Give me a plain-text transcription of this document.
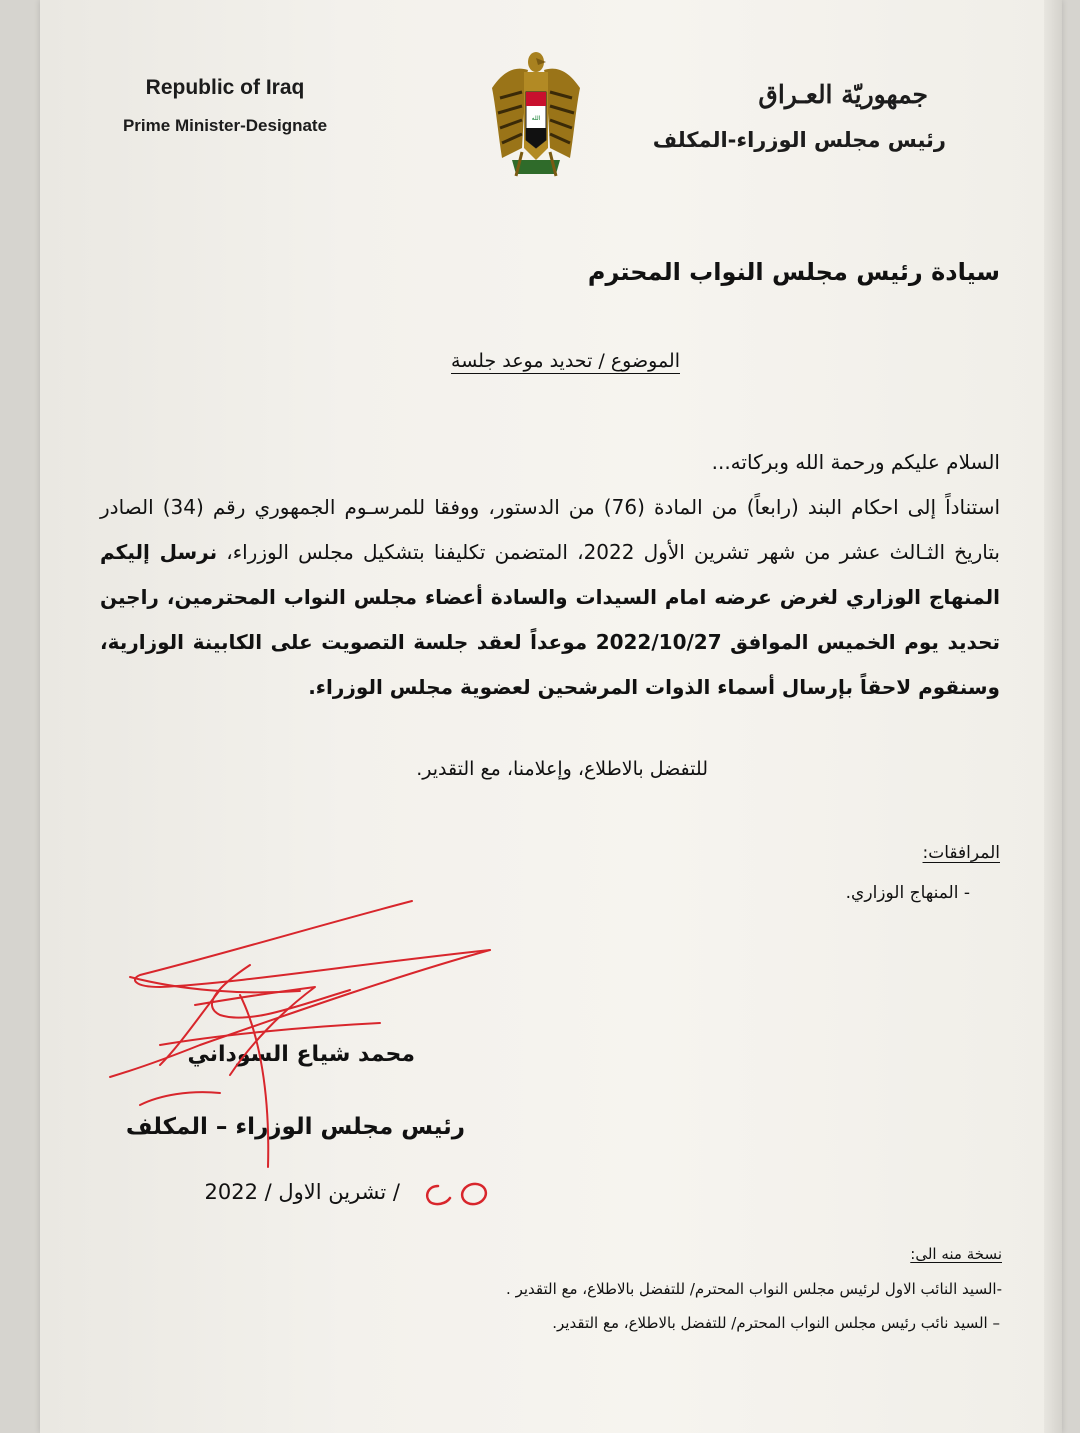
Republic of Iraq
Prime Minister-Designate	الله
جمهوريّة العـراق
رئيس مجلس الوزراء-المكلف
سيادة رئيس مجلس النواب المحترم
الموضوع / تحديد موعد جلسة
السلام عليكم ورحمة الله وبركاته...
استناداً إلى احكام البند (رابعاً) من المادة (76) من الدستور، ووفقا للمرسـوم الجمهوري رقم (34) الصادر بتاريخ الثـالث عشر من شهر تشرين الأول 2022، المتضمن تكليفنا بتشكيل مجلس الوزراء، نرسل إليكم المنهاج الوزاري لغرض عرضه امام السيدات والسادة أعضاء مجلس النواب المحترمين، راجين تحديد يوم الخميس الموافق 2022/10/27 موعداً لعقد جلسة التصويت على الكابينة الوزارية، وسنقوم لاحقاً بإرسال أسماء الذوات المرشحين لعضوية مجلس الوزراء.
للتفضل بالاطلاع، وإعلامنا، مع التقدير.
المرافقات:
- المنهاج الوزاري.
محمد شياع السوداني
رئيس مجلس الوزراء – المكلف
/ تشرين الاول / 2022
نسخة منه الى:
-السيد النائب الاول لرئيس مجلس النواب المحترم/ للتفضل بالاطلاع، مع التقدير .
– السيد نائب رئيس مجلس النواب المحترم/ للتفضل بالاطلاع، مع التقدير.
